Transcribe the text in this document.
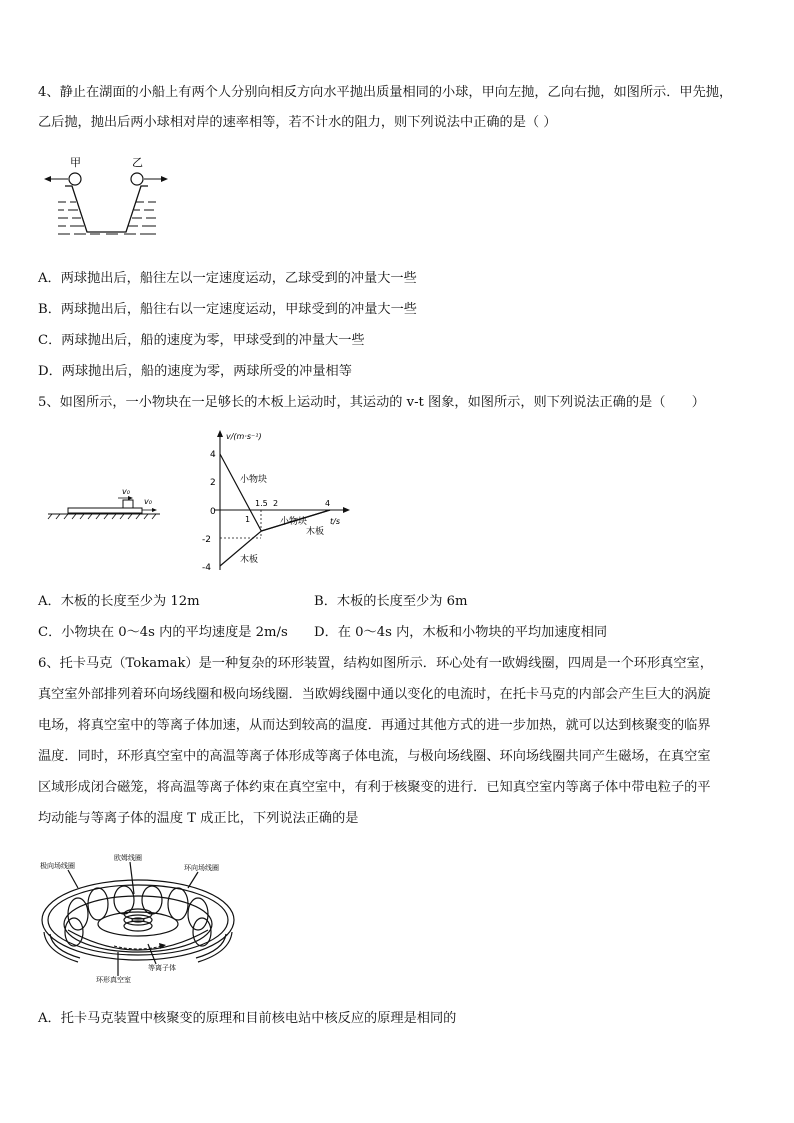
4、静止在湖面的小船上有两个人分别向相反方向水平抛出质量相同的小球，甲向左抛，乙向右抛，如图所示．甲先抛，
乙后抛，抛出后两小球相对岸的速率相等，若不计水的阻力，则下列说法中正确的是（ ）
甲	乙
A．两球抛出后，船往左以一定速度运动，乙球受到的冲量大一些
B．两球抛出后，船往右以一定速度运动，甲球受到的冲量大一些
C．两球抛出后，船的速度为零，甲球受到的冲量大一些
D．两球抛出后，船的速度为零，两球所受的冲量相等
5、如图所示，一小物块在一足够长的木板上运动时，其运动的 v-t 图象，如图所示，则下列说法正确的是（　　）
v₀
v₀
v/(m·s⁻¹)
t/s
4
2
0
-2
-4
1
1.5 2	4
小物块
小物块
木板
木板
A．木板的长度至少为 12m	B．木板的长度至少为 6m
C．小物块在 0～4s 内的平均速度是 2m/s D．在 0～4s 内，木板和小物块的平均加速度相同
6、托卡马克（Tokamak）是一种复杂的环形装置，结构如图所示．环心处有一欧姆线圈，四周是一个环形真空室，
真空室外部排列着环向场线圈和极向场线圈．当欧姆线圈中通以变化的电流时，在托卡马克的内部会产生巨大的涡旋
电场，将真空室中的等离子体加速，从而达到较高的温度．再通过其他方式的进一步加热，就可以达到核聚变的临界
温度．同时，环形真空室中的高温等离子体形成等离子体电流，与极向场线圈、环向场线圈共同产生磁场，在真空室
区域形成闭合磁笼，将高温等离子体约束在真空室中，有利于核聚变的进行．已知真空室内等离子体中带电粒子的平
均动能与等离子体的温度 T 成正比，下列说法正确的是
极向场线圈
欧姆线圈
环向场线圈
等离子体
环形真空室
A．托卡马克装置中核聚变的原理和目前核电站中核反应的原理是相同的
